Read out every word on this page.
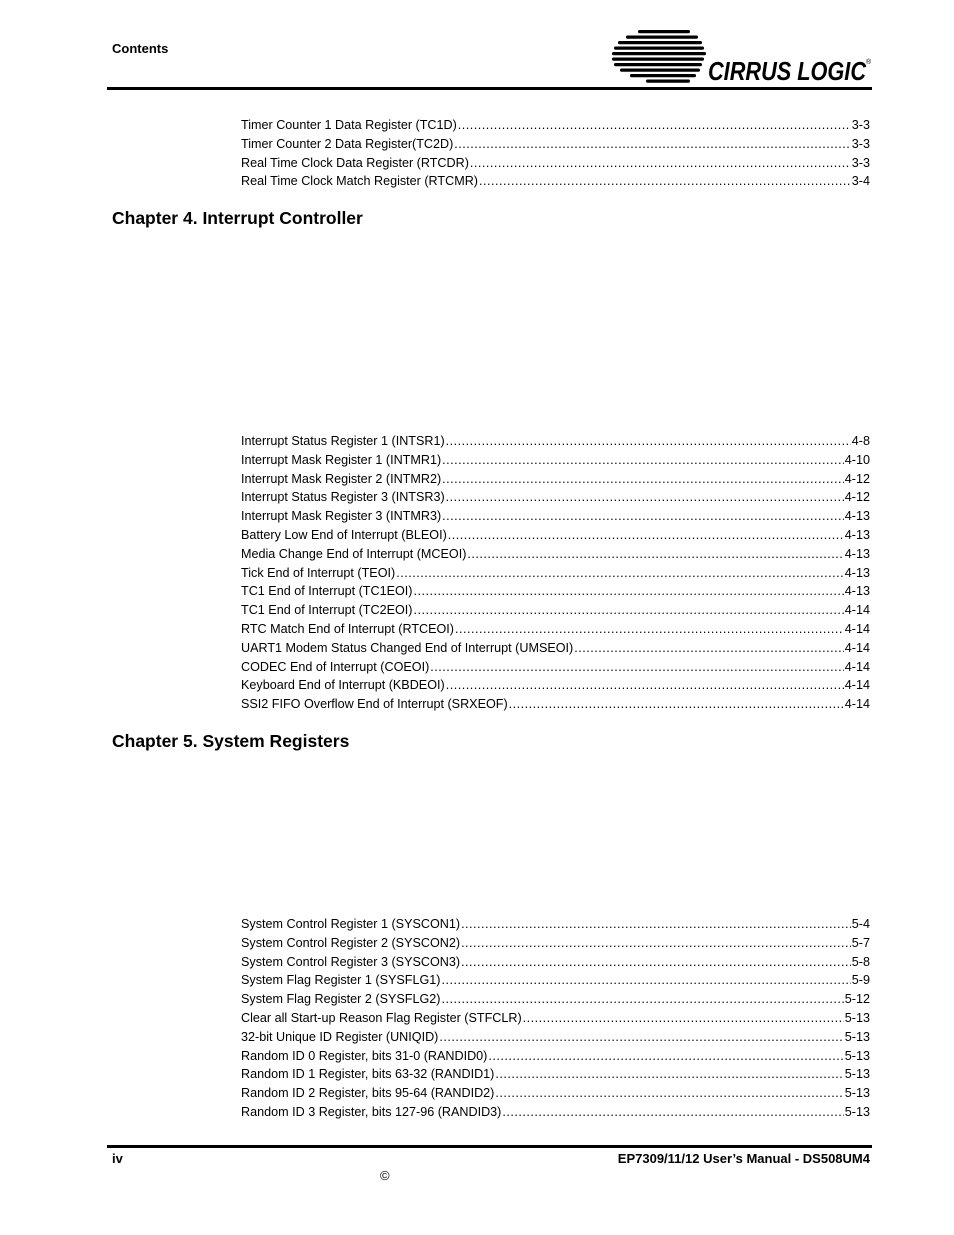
Contents
CIRRUS LOGIC
®
Timer Counter 1 Data Register (TC1D) .....	3-3
Timer Counter 2 Data Register(TC2D) .....	3-3
Real Time Clock Data Register (RTCDR) .....	3-3
Real Time Clock Match Register (RTCMR) .....	3-4
Chapter 4. Interrupt Controller
Interrupt Status Register 1 (INTSR1) .....	4-8
Interrupt Mask Register 1 (INTMR1) .....	4-10
Interrupt Mask Register 2 (INTMR2) .....	4-12
Interrupt Status Register 3 (INTSR3) .....	4-12
Interrupt Mask Register 3 (INTMR3) .....	4-13
Battery Low End of Interrupt (BLEOI) .....	4-13
Media Change End of Interrupt (MCEOI) .....	4-13
Tick End of Interrupt (TEOI) .....	4-13
TC1 End of Interrupt (TC1EOI) .....	4-13
TC1 End of Interrupt (TC2EOI) .....	4-14
RTC Match End of Interrupt (RTCEOI) .....	4-14
UART1 Modem Status Changed End of Interrupt (UMSEOI) .....	4-14
CODEC End of Interrupt (COEOI) .....	4-14
Keyboard End of Interrupt (KBDEOI) .....	4-14
SSI2 FIFO Overflow End of Interrupt (SRXEOF) .....	4-14
Chapter 5. System Registers
System Control Register 1 (SYSCON1) .....	5-4
System Control Register 2 (SYSCON2) .....	5-7
System Control Register 3 (SYSCON3) .....	5-8
System Flag Register 1 (SYSFLG1) .....	5-9
System Flag Register 2 (SYSFLG2) .....	5-12
Clear all Start-up Reason Flag Register (STFCLR) .....	5-13
32-bit Unique ID Register (UNIQID) .....	5-13
Random ID 0 Register, bits 31-0 (RANDID0) .....	5-13
Random ID 1 Register, bits 63-32 (RANDID1) .....	5-13
Random ID 2 Register, bits 95-64 (RANDID2) .....	5-13
Random ID 3 Register, bits 127-96 (RANDID3) .....	5-13
iv	EP7309/11/12 User’s Manual - DS508UM4
©
